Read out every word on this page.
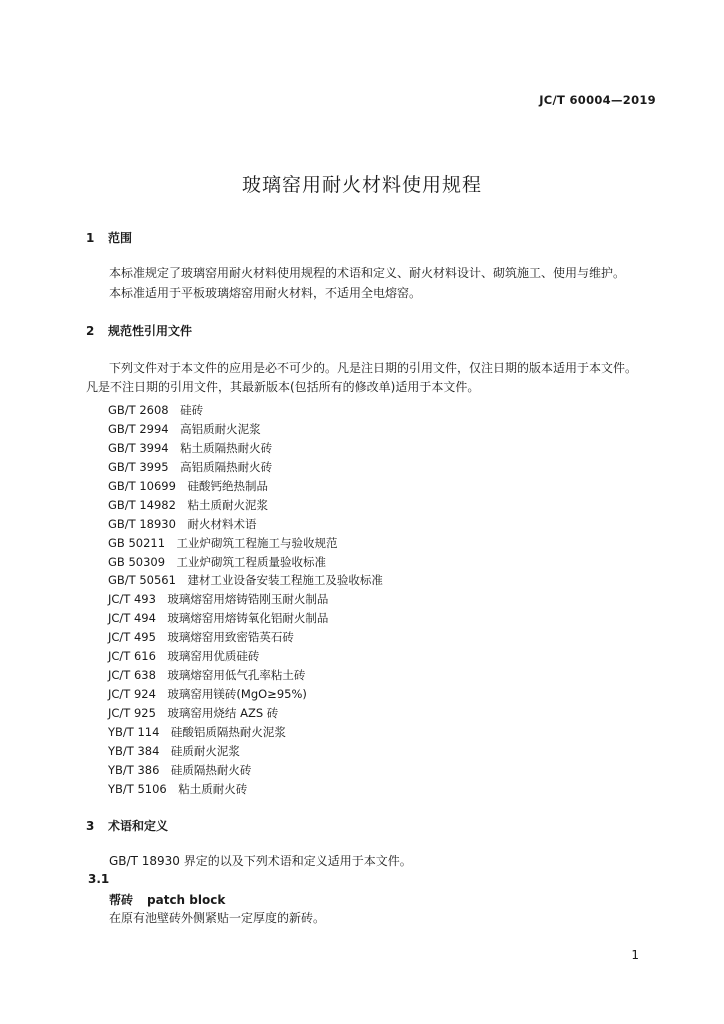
JC/T 60004—2019
玻璃窑用耐火材料使用规程
1 范围
本标准规定了玻璃窑用耐火材料使用规程的术语和定义、耐火材料设计、砌筑施工、使用与维护。
本标准适用于平板玻璃熔窑用耐火材料，不适用全电熔窑。
2 规范性引用文件
下列文件对于本文件的应用是必不可少的。凡是注日期的引用文件，仅注日期的版本适用于本文件。
凡是不注日期的引用文件，其最新版本(包括所有的修改单)适用于本文件。
GB/T 2608　硅砖
GB/T 2994　高铝质耐火泥浆
GB/T 3994　粘土质隔热耐火砖
GB/T 3995　高铝质隔热耐火砖
GB/T 10699　硅酸钙绝热制品
GB/T 14982　粘土质耐火泥浆
GB/T 18930　耐火材料术语
GB 50211　工业炉砌筑工程施工与验收规范
GB 50309　工业炉砌筑工程质量验收标准
GB/T 50561　建材工业设备安装工程施工及验收标准
JC/T 493　玻璃熔窑用熔铸锆刚玉耐火制品
JC/T 494　玻璃熔窑用熔铸氧化铝耐火制品
JC/T 495　玻璃熔窑用致密锆英石砖
JC/T 616　玻璃窑用优质硅砖
JC/T 638　玻璃熔窑用低气孔率粘土砖
JC/T 924　玻璃窑用镁砖(MgO≥95%)
JC/T 925　玻璃窑用烧结 AZS 砖
YB/T 114　硅酸铝质隔热耐火泥浆
YB/T 384　硅质耐火泥浆
YB/T 386　硅质隔热耐火砖
YB/T 5106　粘土质耐火砖
3 术语和定义
GB/T 18930 界定的以及下列术语和定义适用于本文件。
3.1
帮砖 patch block
在原有池壁砖外侧紧贴一定厚度的新砖。
1
